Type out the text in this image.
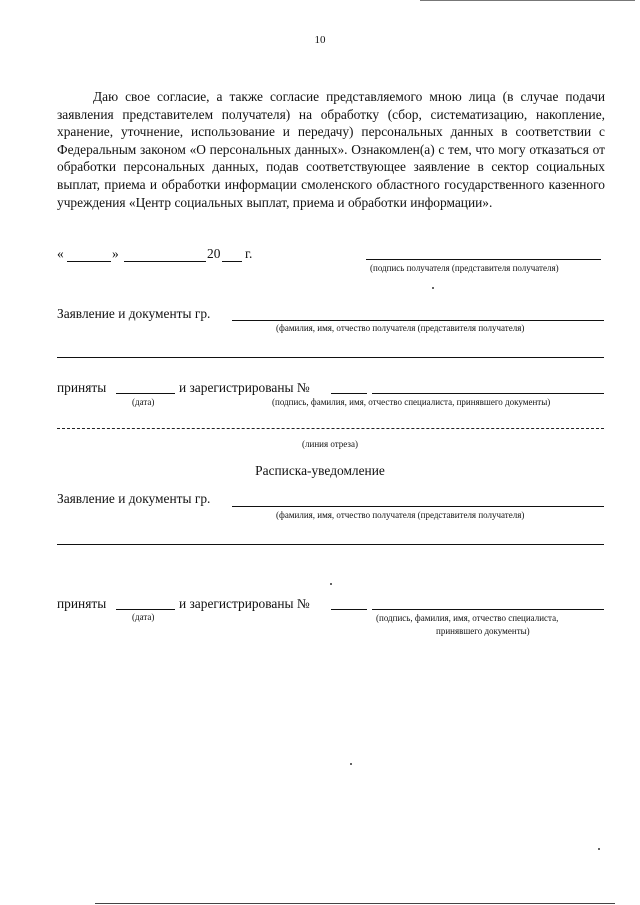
10

Даю свое согласие, а также согласие представляемого мною лица (в случае подачи заявления представителем получателя) на обработку (сбор, систематизацию, накопление, хранение, уточнение, использование и передачу) персональных данных в соответствии с Федеральным законом «О персональных данных». Ознакомлен(а) с тем, что могу отказаться от обработки персональных данных, подав соответствующее заявление в сектор социальных выплат, приема и обработки информации смоленского областного государственного казенного учреждения «Центр социальных выплат, приема и обработки информации».

«	»	20 г.
(подпись получателя (представителя получателя)
Заявление и документы гр.
(фамилия, имя, отчество получателя (представителя получателя)
приняты
(дата)
и зарегистрированы №
(подпись, фамилия, имя, отчество специалиста, принявшего документы)
(линия отреза)
Расписка-уведомление
Заявление и документы гр.
(фамилия, имя, отчество получателя (представителя получателя)
приняты
(дата)
и зарегистрированы №
(подпись, фамилия, имя, отчество специалиста,
принявшего документы)
